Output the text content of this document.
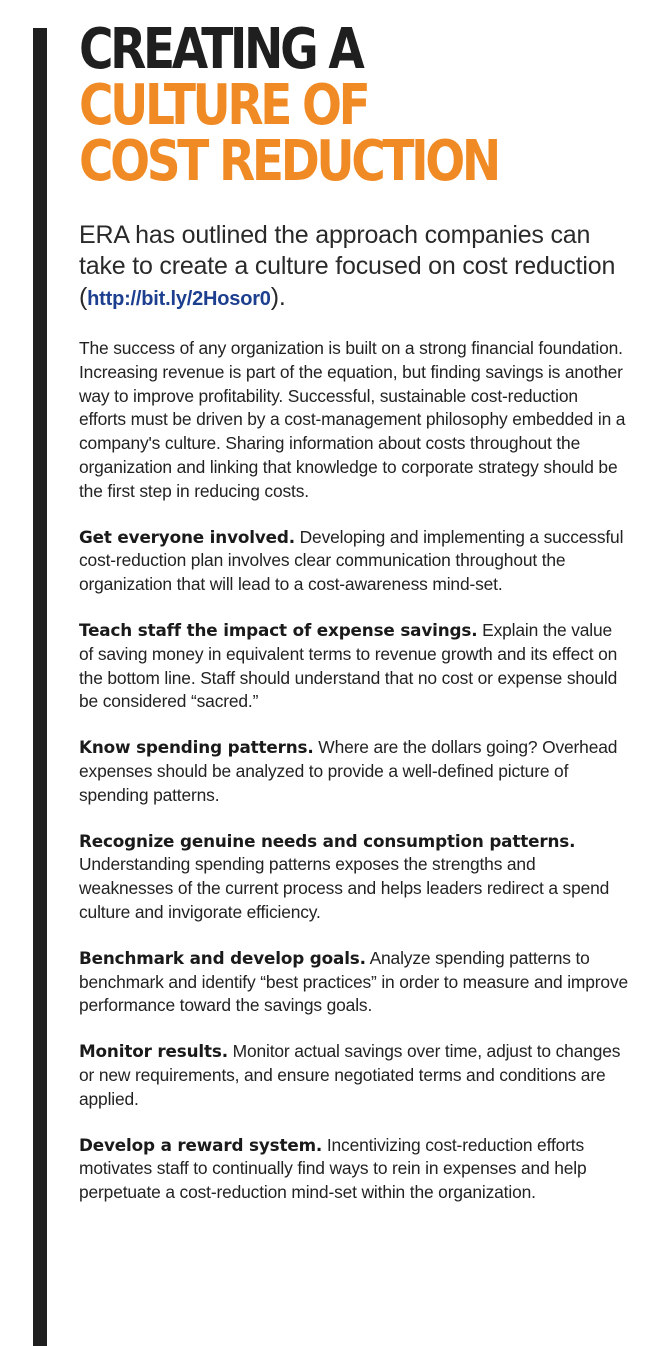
CREATING A
CULTURE OF
COST REDUCTION

ERA has outlined the approach companies can take to create a culture focused on cost reduction (http://bit.ly/2Hosor0).

The success of any organization is built on a strong financial foundation. Increasing revenue is part of the equation, but finding savings is another way to improve profitability. Successful, sustainable cost-reduction efforts must be driven by a cost-management philosophy embedded in a company's culture. Sharing information about costs throughout the organization and linking that knowledge to corporate strategy should be the first step in reducing costs.

Get everyone involved. Developing and implementing a successful cost-reduction plan involves clear communication throughout the organization that will lead to a cost-awareness mind-set.

Teach staff the impact of expense savings. Explain the value of saving money in equivalent terms to revenue growth and its effect on the bottom line. Staff should understand that no cost or expense should be considered “sacred.”

Know spending patterns. Where are the dollars going? Overhead expenses should be analyzed to provide a well-defined picture of spending patterns.

Recognize genuine needs and consumption patterns. Understanding spending patterns exposes the strengths and weaknesses of the current process and helps leaders redirect a spend culture and invigorate efficiency.

Benchmark and develop goals. Analyze spending patterns to benchmark and identify “best practices” in order to measure and improve performance toward the savings goals.

Monitor results. Monitor actual savings over time, adjust to changes or new requirements, and ensure negotiated terms and conditions are applied.

Develop a reward system. Incentivizing cost-reduction efforts motivates staff to continually find ways to rein in expenses and help perpetuate a cost-reduction mind-set within the organization.
